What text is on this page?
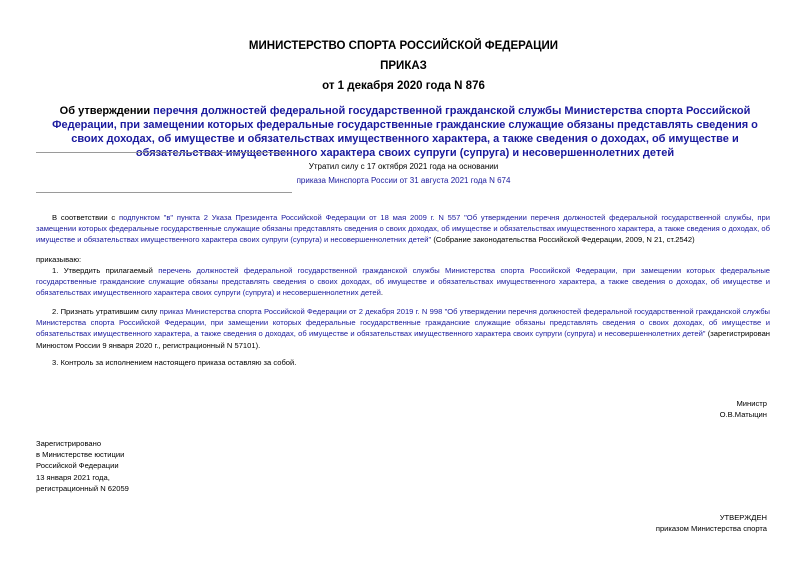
МИНИСТЕРСТВО СПОРТА РОССИЙСКОЙ ФЕДЕРАЦИИ
ПРИКАЗ
от 1 декабря 2020 года N 876
Об утверждении перечня должностей федеральной государственной гражданской службы Министерства спорта Российской Федерации, при замещении которых федеральные государственные гражданские служащие обязаны представлять сведения о своих доходах, об имуществе и обязательствах имущественного характера, а также сведения о доходах, об имуществе и обязательствах имущественного характера своих супруги (супруга) и несовершеннолетних детей
Утратил силу с 17 октября 2021 года на основании
приказа Минспорта России от 31 августа 2021 года N 674
В соответствии с подпунктом "в" пункта 2 Указа Президента Российской Федерации от 18 мая 2009 г. N 557 "Об утверждении перечня должностей федеральной государственной службы, при замещении которых федеральные государственные служащие обязаны представлять сведения о своих доходах, об имуществе и обязательствах имущественного характера, а также сведения о доходах, об имуществе и обязательствах имущественного характера своих супруги (супруга) и несовершеннолетних детей" (Собрание законодательства Российской Федерации, 2009, N 21, ст.2542)
приказываю:
1. Утвердить прилагаемый перечень должностей федеральной государственной гражданской службы Министерства спорта Российской Федерации, при замещении которых федеральные государственные гражданские служащие обязаны представлять сведения о своих доходах, об имуществе и обязательствах имущественного характера, а также сведения о доходах, об имуществе и обязательствах имущественного характера своих супруги (супруга) и несовершеннолетних детей.
2. Признать утратившим силу приказ Министерства спорта Российской Федерации от 2 декабря 2019 г. N 998 "Об утверждении перечня должностей федеральной государственной гражданской службы Министерства спорта Российской Федерации, при замещении которых федеральные государственные гражданские служащие обязаны представлять сведения о своих доходах, об имуществе и обязательствах имущественного характера, а также сведения о доходах, об имуществе и обязательствах имущественного характера своих супруги (супруга) и несовершеннолетних детей" (зарегистрирован Минюстом России 9 января 2020 г., регистрационный N 57101).
3. Контроль за исполнением настоящего приказа оставляю за собой.
Министр
О.В.Матыцин
Зарегистрировано
в Министерстве юстиции
Российской Федерации
13 января 2021 года,
регистрационный N 62059
УТВЕРЖДЕН
приказом Министерства спорта
